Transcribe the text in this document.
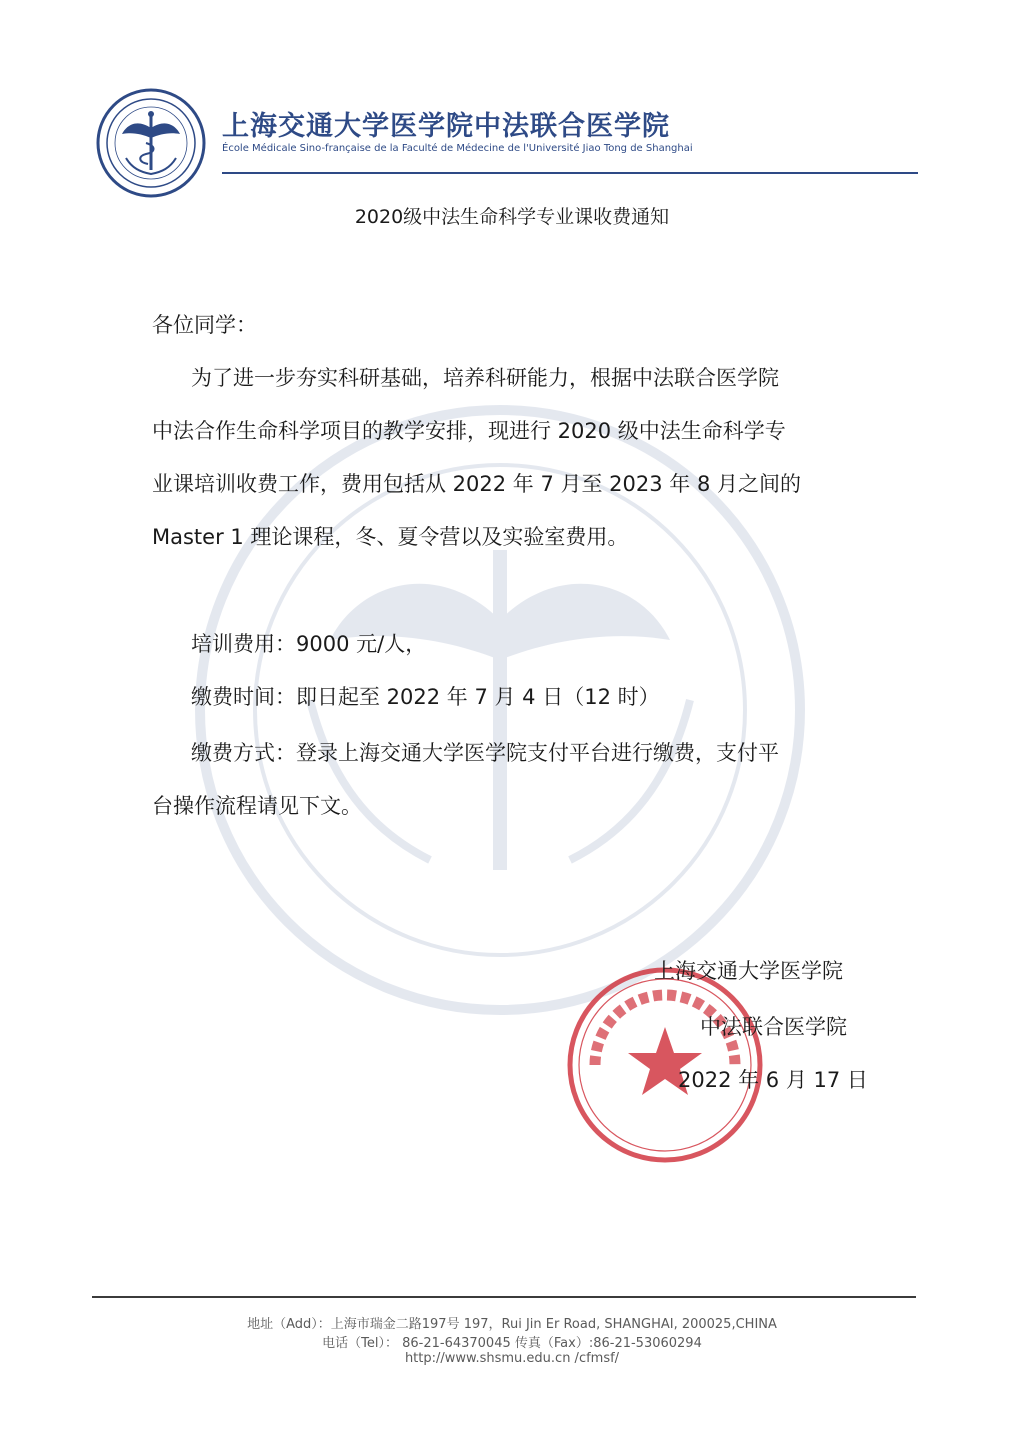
上海交通大学医学院中法联合医学院
École Médicale Sino-française de la Faculté de Médecine de l'Université Jiao Tong de Shanghai
2020级中法生命科学专业课收费通知
各位同学：
为了进一步夯实科研基础，培养科研能力，根据中法联合医学院
中法合作生命科学项目的教学安排，现进行 2020 级中法生命科学专
业课培训收费工作，费用包括从 2022 年 7 月至 2023 年 8 月之间的
Master 1 理论课程，冬、夏令营以及实验室费用。
培训费用：9000 元/人，
缴费时间：即日起至 2022 年 7 月 4 日（12 时）
缴费方式：登录上海交通大学医学院支付平台进行缴费，支付平
台操作流程请见下文。
上海交通大学医学院
中法联合医学院
2022 年 6 月 17 日
地址（Add）：上海市瑞金二路197号 197，Rui Jin Er Road, SHANGHAI, 200025,CHINA
电话（Tel）： 86-21-64370045 传真（Fax）:86-21-53060294
http://www.shsmu.edu.cn /cfmsf/
